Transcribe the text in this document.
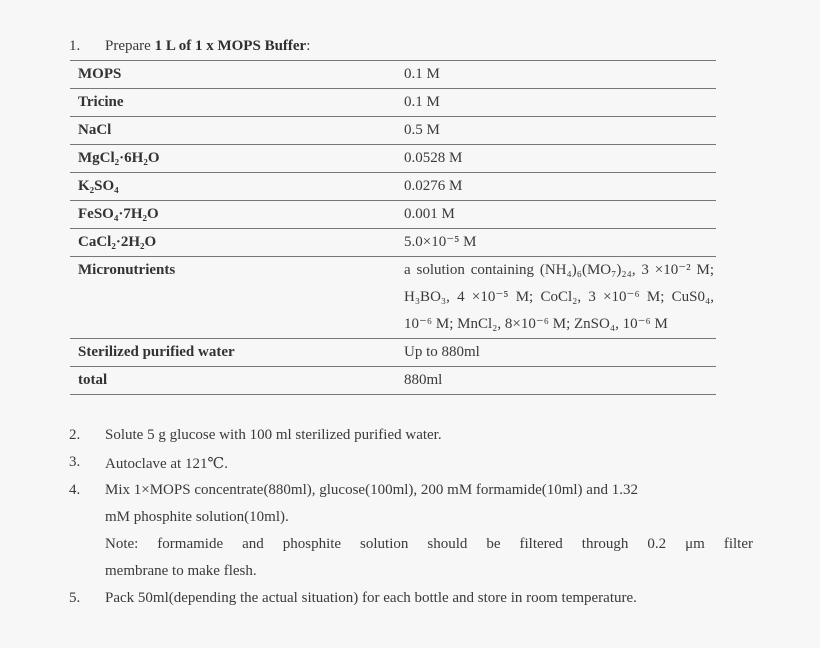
1. Prepare 1 L of 1 x MOPS Buffer:
MOPS	0.1 M
Tricine	0.1 M
NaCl	0.5 M
MgCl₂·6H₂O	0.0528 M
K₂SO₄	0.0276 M
FeSO₄·7H₂O	0.001 M
CaCl₂·2H₂O	5.0×10⁻⁵ M
Micronutrients	a solution containing (NH₄)₆(MO₇)₂₄, 3 ×10⁻² M; H₃BO₃, 4 ×10⁻⁵ M; CoCl₂, 3 ×10⁻⁶ M; CuS0₄, 10⁻⁶ M; MnCl₂, 8×10⁻⁶ M; ZnSO₄, 10⁻⁶ M
Sterilized purified water	Up to 880ml
total	880ml
2. Solute 5 g glucose with 100 ml sterilized purified water.
3. Autoclave at 121℃.
4. Mix 1×MOPS concentrate(880ml), glucose(100ml), 200 mM formamide(10ml) and 1.32
mM phosphite solution(10ml).
Note: formamide and phosphite solution should be filtered through 0.2 μm filter
membrane to make flesh.
5. Pack 50ml(depending the actual situation) for each bottle and store in room temperature.
